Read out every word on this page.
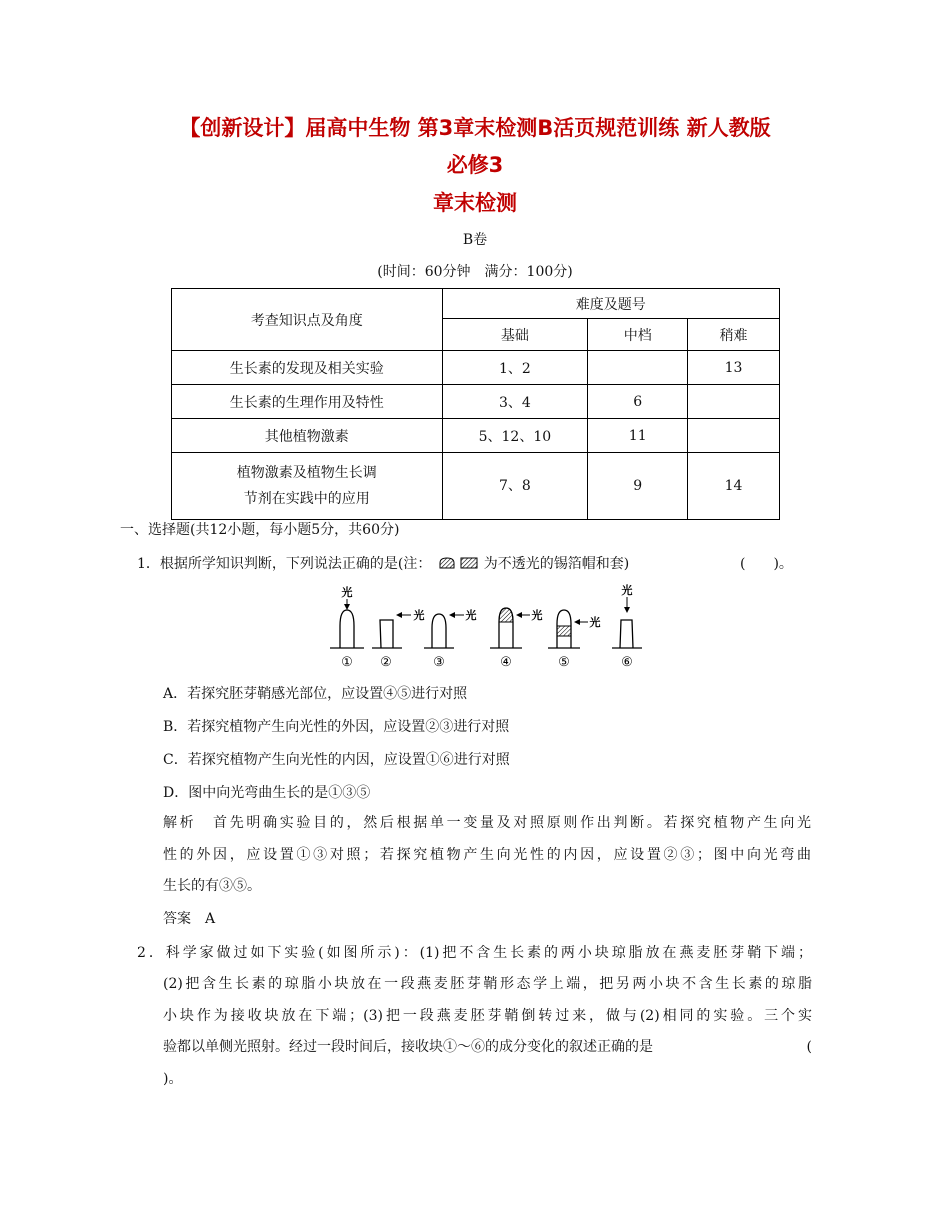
【创新设计】届高中生物 第3章末检测B活页规范训练 新人教版
必修3
章末检测
B卷
(时间：60分钟　满分：100分)
考查知识点及角度	难度及题号		
	基础	中档	稍难
生长素的发现及相关实验	1、2		13
生长素的生理作用及特性	3、4	6	
其他植物激素	5、12、10	11	

植物激素及植物生长调
节剂在实践中的应用	7、8	9	14
一、选择题(共12小题，每小题5分，共60分)
1．根据所学知识判断，下列说法正确的是(注：	为不透光的锡箔帽和套)	(　　)。
光
①
光
②
光
③
光
④
光
⑤
光
⑥
A．若探究胚芽鞘感光部位，应设置④⑤进行对照
B．若探究植物产生向光性的外因，应设置②③进行对照
C．若探究植物产生向光性的内因，应设置①⑥进行对照
D．图中向光弯曲生长的是①③⑤
解析　首先明确实验目的，然后根据单一变量及对照原则作出判断。若探究植物产生向光
性的外因，应设置①③对照；若探究植物产生向光性的内因，应设置②③；图中向光弯曲
生长的有③⑤。
答案　A
2．科学家做过如下实验(如图所示)：(1)把不含生长素的两小块琼脂放在燕麦胚芽鞘下端；
(2)把含生长素的琼脂小块放在一段燕麦胚芽鞘形态学上端，把另两小块不含生长素的琼脂
小块作为接收块放在下端；(3)把一段燕麦胚芽鞘倒转过来，做与(2)相同的实验。三个实
验都以单侧光照射。经过一段时间后，接收块①～⑥的成分变化的叙述正确的是	(
)。
